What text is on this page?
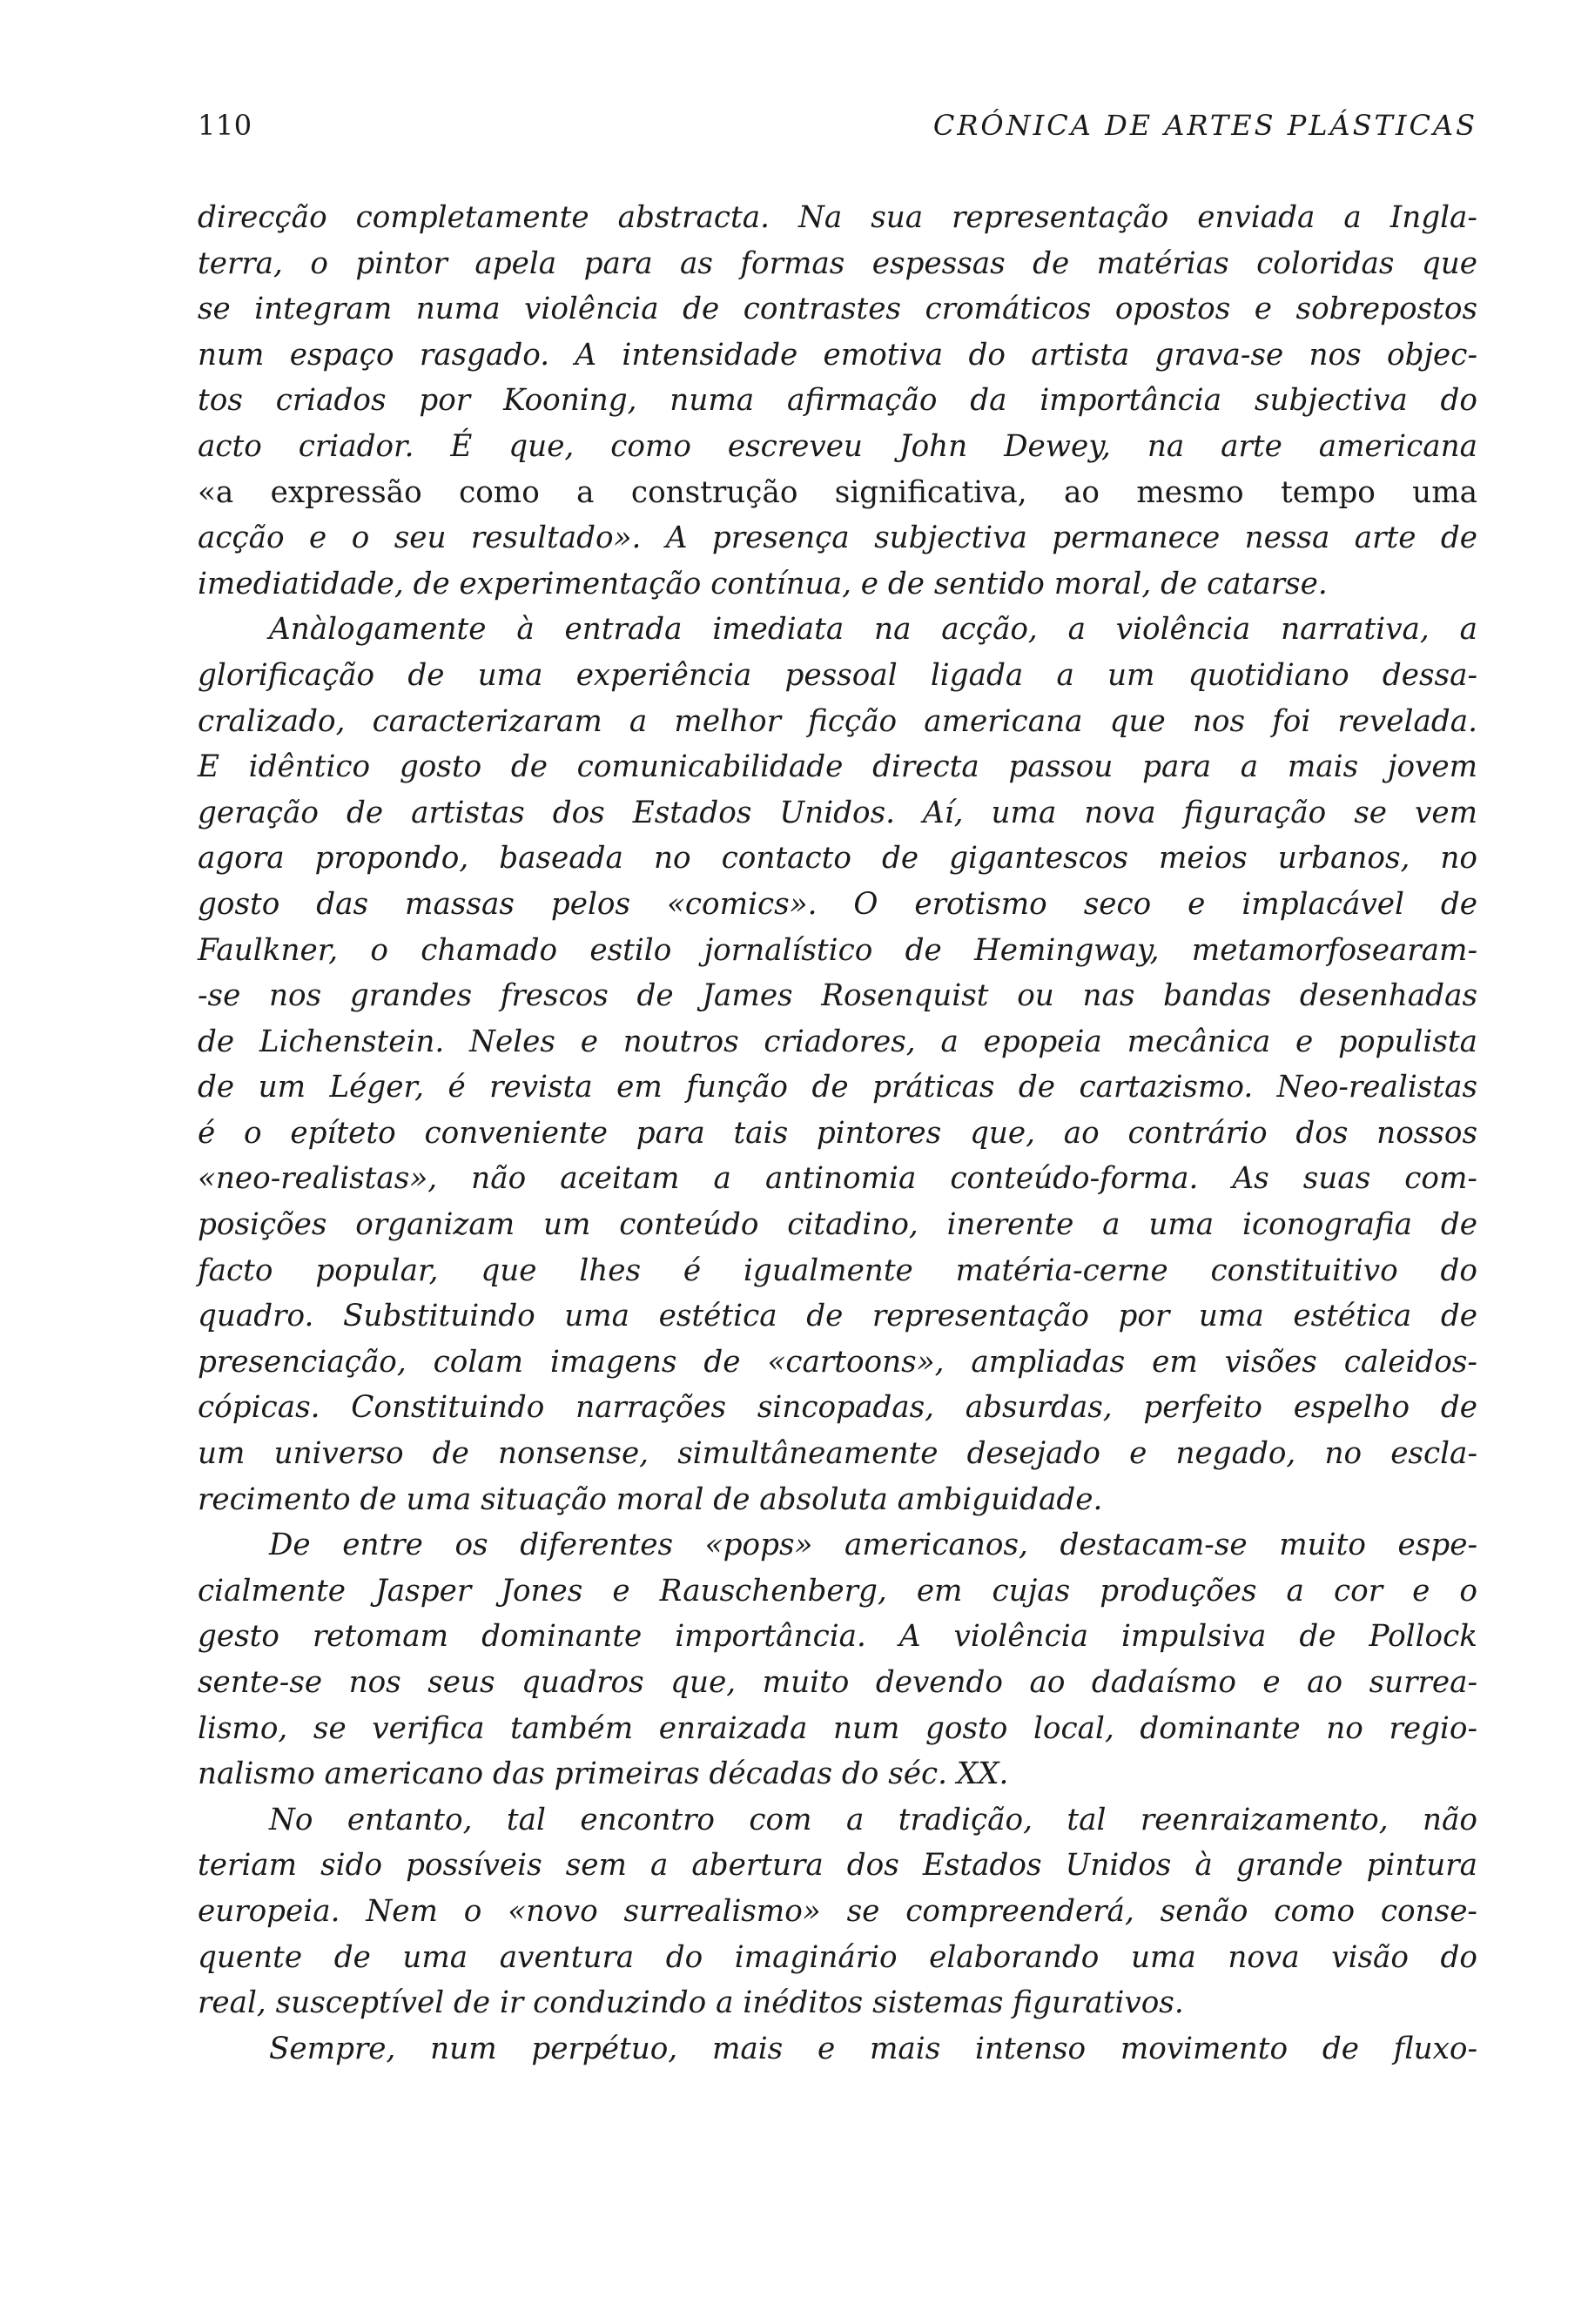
110	CRÓNICA DE ARTES PLÁSTICAS
direcção completamente abstracta. Na sua representação enviada a Ingla-
terra, o pintor apela para as formas espessas de matérias coloridas que
se integram numa violência de contrastes cromáticos opostos e sobrepostos
num espaço rasgado. A intensidade emotiva do artista grava-se nos objec-
tos criados por Kooning, numa afirmação da importância subjectiva do
acto criador. É que, como escreveu John Dewey, na arte americana
«a expressão como a construção significativa, ao mesmo tempo uma
acção e o seu resultado». A presença subjectiva permanece nessa arte de
imediatidade, de experimentação contínua, e de sentido moral, de catarse.
Anàlogamente à entrada imediata na acção, a violência narrativa, a
glorificação de uma experiência pessoal ligada a um quotidiano dessa-
cralizado, caracterizaram a melhor ficção americana que nos foi revelada.
E idêntico gosto de comunicabilidade directa passou para a mais jovem
geração de artistas dos Estados Unidos. Aí, uma nova figuração se vem
agora propondo, baseada no contacto de gigantescos meios urbanos, no
gosto das massas pelos «comics». O erotismo seco e implacável de
Faulkner, o chamado estilo jornalístico de Hemingway, metamorfosearam-
-se nos grandes frescos de James Rosenquist ou nas bandas desenhadas
de Lichenstein. Neles e noutros criadores, a epopeia mecânica e populista
de um Léger, é revista em função de práticas de cartazismo. Neo-realistas
é o epíteto conveniente para tais pintores que, ao contrário dos nossos
«neo-realistas», não aceitam a antinomia conteúdo-forma. As suas com-
posições organizam um conteúdo citadino, inerente a uma iconografia de
facto popular, que lhes é igualmente matéria-cerne constituitivo do
quadro. Substituindo uma estética de representação por uma estética de
presenciação, colam imagens de «cartoons», ampliadas em visões caleidos-
cópicas. Constituindo narrações sincopadas, absurdas, perfeito espelho de
um universo de nonsense, simultâneamente desejado e negado, no escla-
recimento de uma situação moral de absoluta ambiguidade.
De entre os diferentes «pops» americanos, destacam-se muito espe-
cialmente Jasper Jones e Rauschenberg, em cujas produções a cor e o
gesto retomam dominante importância. A violência impulsiva de Pollock
sente-se nos seus quadros que, muito devendo ao dadaísmo e ao surrea-
lismo, se verifica também enraizada num gosto local, dominante no regio-
nalismo americano das primeiras décadas do séc. XX.
No entanto, tal encontro com a tradição, tal reenraizamento, não
teriam sido possíveis sem a abertura dos Estados Unidos à grande pintura
europeia. Nem o «novo surrealismo» se compreenderá, senão como conse-
quente de uma aventura do imaginário elaborando uma nova visão do
real, susceptível de ir conduzindo a inéditos sistemas figurativos.
Sempre, num perpétuo, mais e mais intenso movimento de fluxo-
